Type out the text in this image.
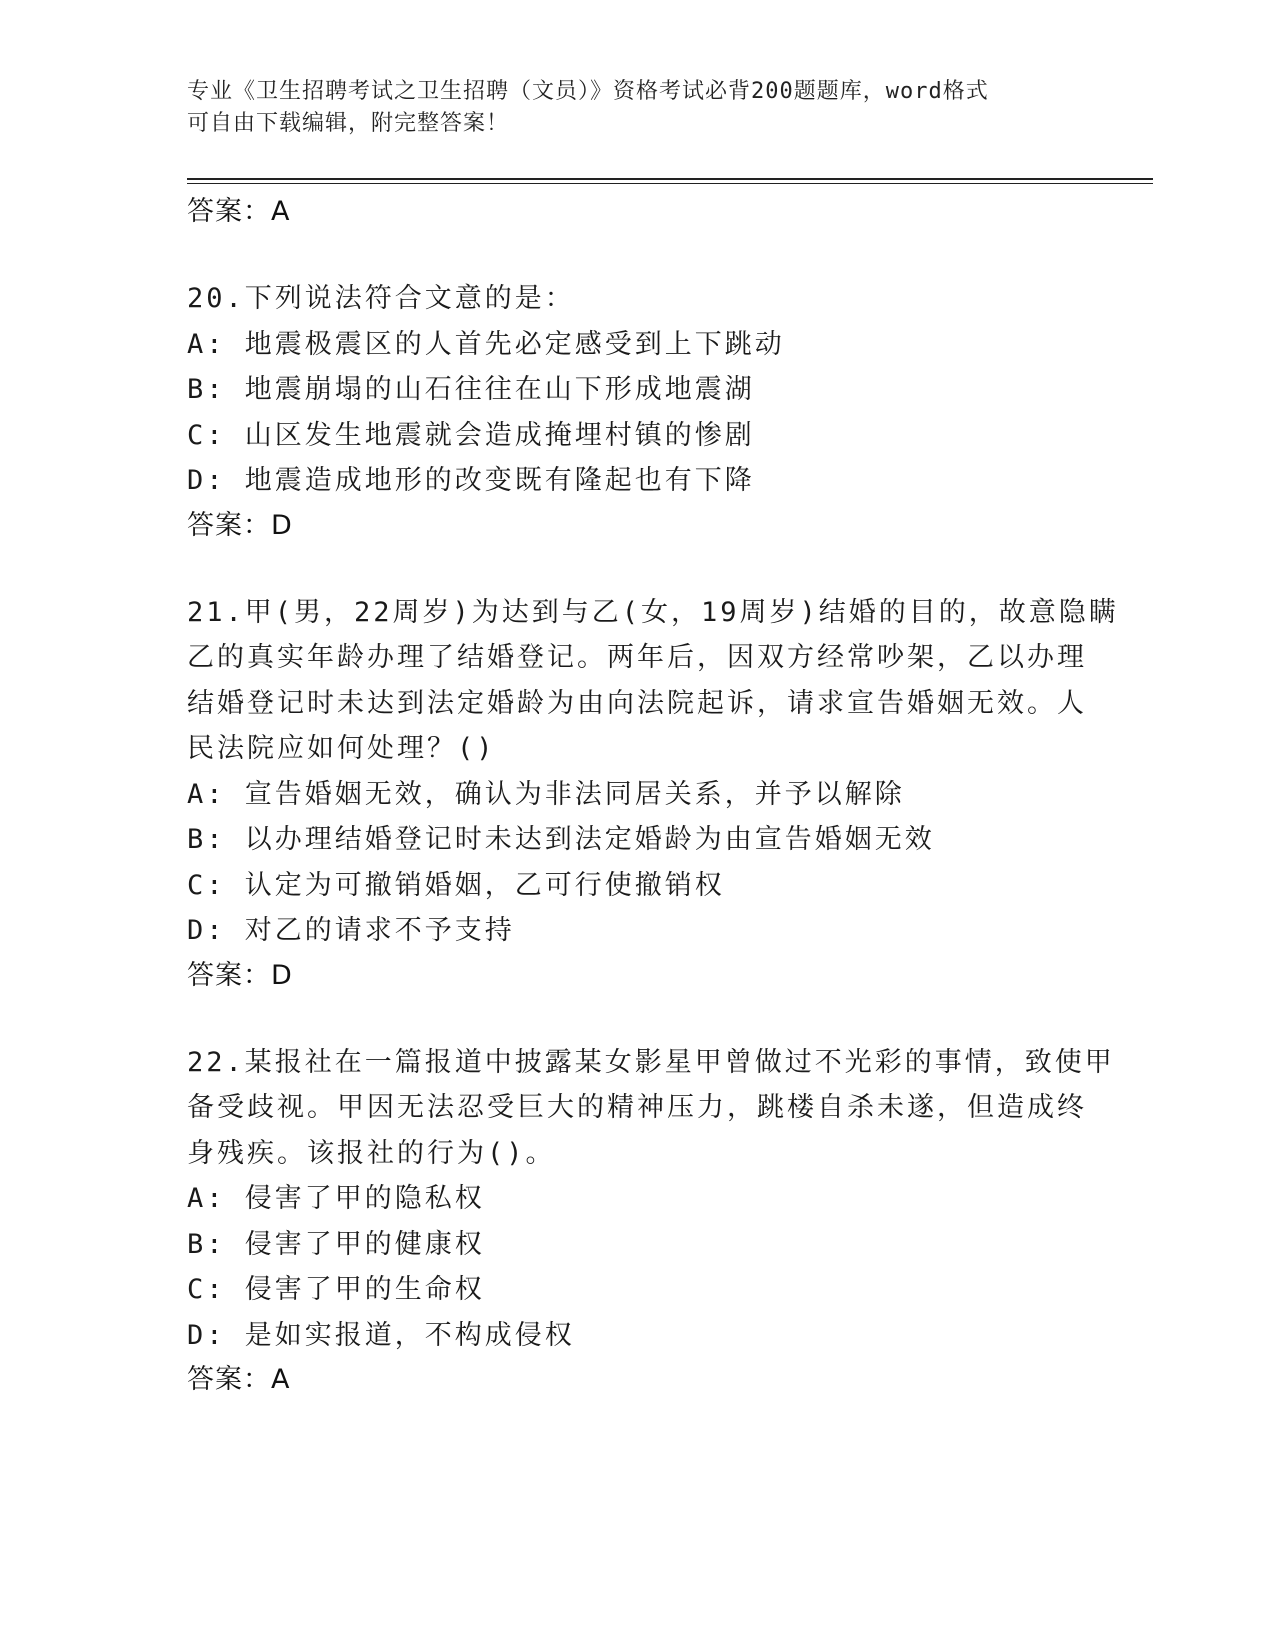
专业《卫生招聘考试之卫生招聘（文员）》资格考试必背200题题库，word格式
可自由下载编辑，附完整答案！
答案：A
20.下列说法符合文意的是：
A: 地震极震区的人首先必定感受到上下跳动
B: 地震崩塌的山石往往在山下形成地震湖
C: 山区发生地震就会造成掩埋村镇的惨剧
D: 地震造成地形的改变既有隆起也有下降
答案：D
21.甲(男，22周岁)为达到与乙(女，19周岁)结婚的目的，故意隐瞒
乙的真实年龄办理了结婚登记。两年后，因双方经常吵架，乙以办理
结婚登记时未达到法定婚龄为由向法院起诉，请求宣告婚姻无效。人
民法院应如何处理？()
A: 宣告婚姻无效，确认为非法同居关系，并予以解除
B: 以办理结婚登记时未达到法定婚龄为由宣告婚姻无效
C: 认定为可撤销婚姻，乙可行使撤销权
D: 对乙的请求不予支持
答案：D
22.某报社在一篇报道中披露某女影星甲曾做过不光彩的事情，致使甲
备受歧视。甲因无法忍受巨大的精神压力，跳楼自杀未遂，但造成终
身残疾。该报社的行为()。
A: 侵害了甲的隐私权
B: 侵害了甲的健康权
C: 侵害了甲的生命权
D: 是如实报道，不构成侵权
答案：A
